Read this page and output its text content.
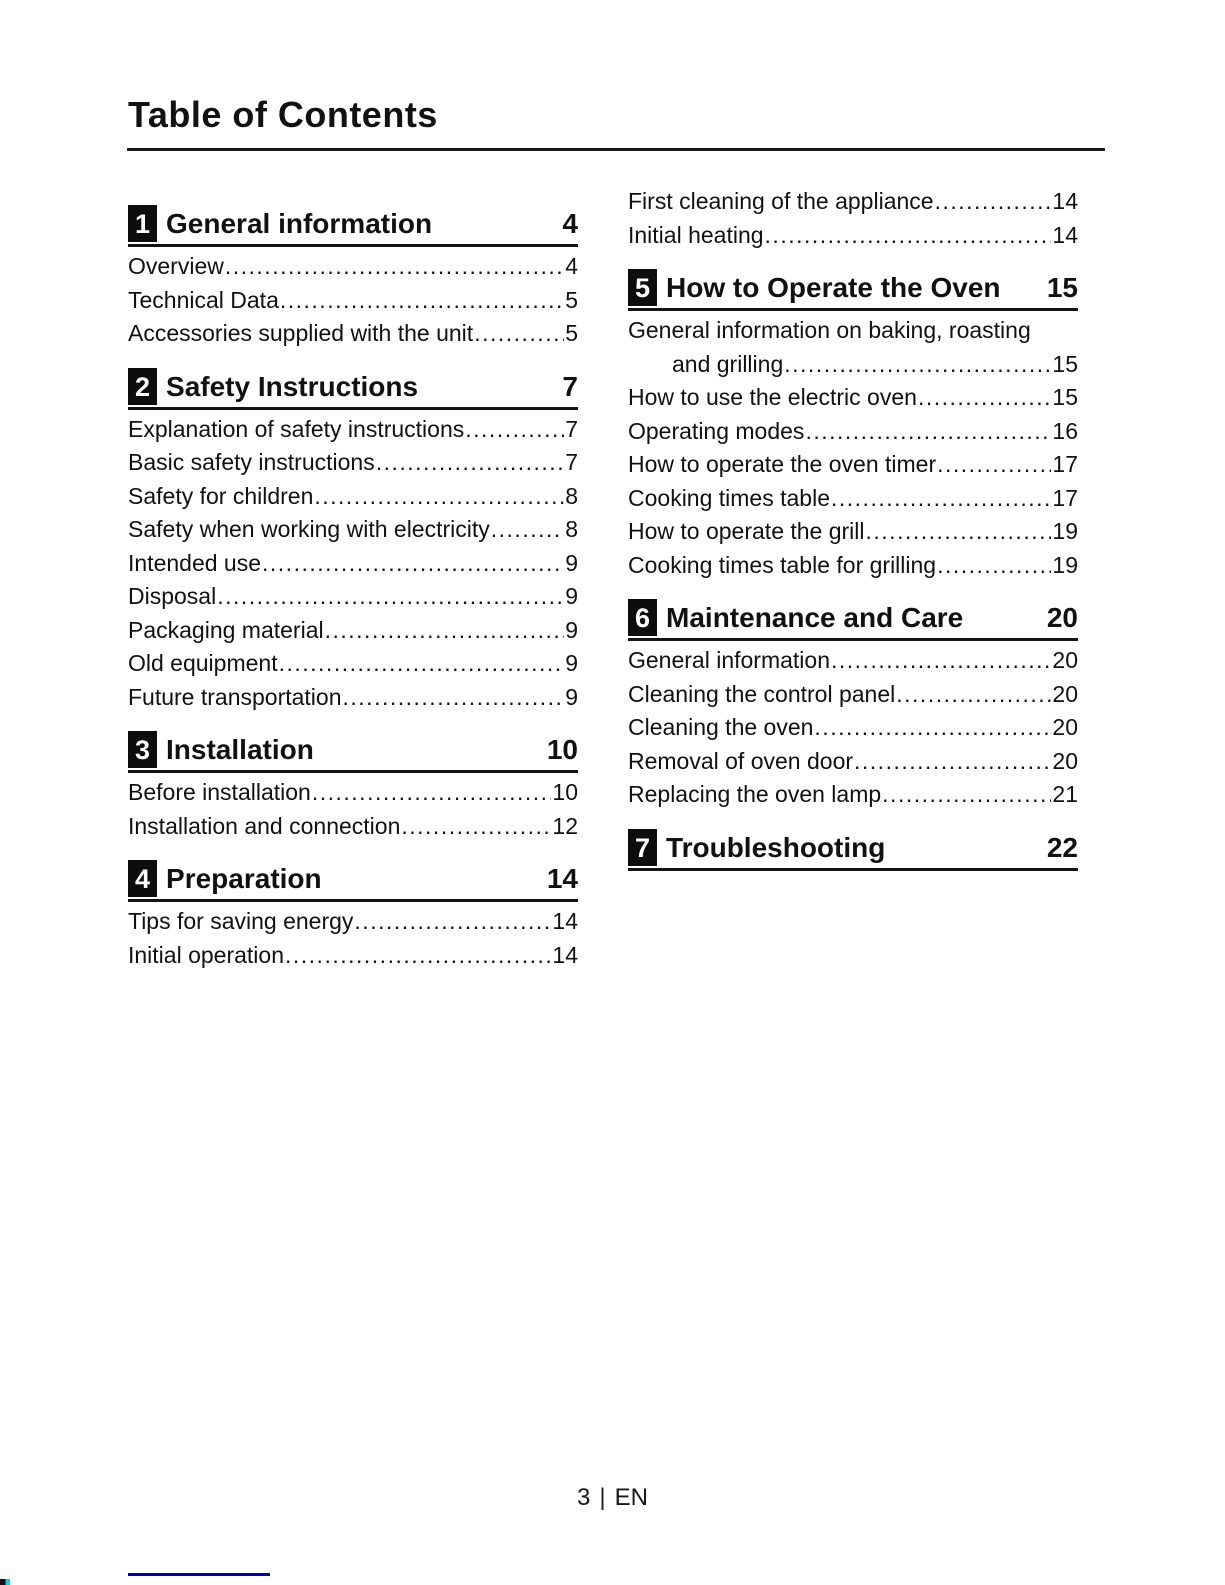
Table of Contents
1 General information	4
Overview .....	4
Technical Data .....	5
Accessories supplied with the unit .....	5
2 Safety Instructions	7
Explanation of safety instructions .....	7
Basic safety instructions .....	7
Safety for children .....	8
Safety when working with electricity .....	8
Intended use .....	9
Disposal .....	9
Packaging material .....	9
Old equipment .....	9
Future transportation .....	9
3 Installation	10
Before installation .....	10
Installation and connection .....	12
4 Preparation	14
Tips for saving energy .....	14
Initial operation .....	14
First cleaning of the appliance .....	14
Initial heating .....	14
5 How to Operate the Oven	15
General information on baking, roasting
and grilling .....	15
How to use the electric oven .....	15
Operating modes .....	16
How to operate the oven timer .....	17
Cooking times table .....	17
How to operate the grill .....	19
Cooking times table for grilling .....	19
6 Maintenance and Care	20
General information .....	20
Cleaning the control panel .....	20
Cleaning the oven .....	20
Removal of oven door .....	20
Replacing the oven lamp .....	21
7 Troubleshooting	22
3 | EN
